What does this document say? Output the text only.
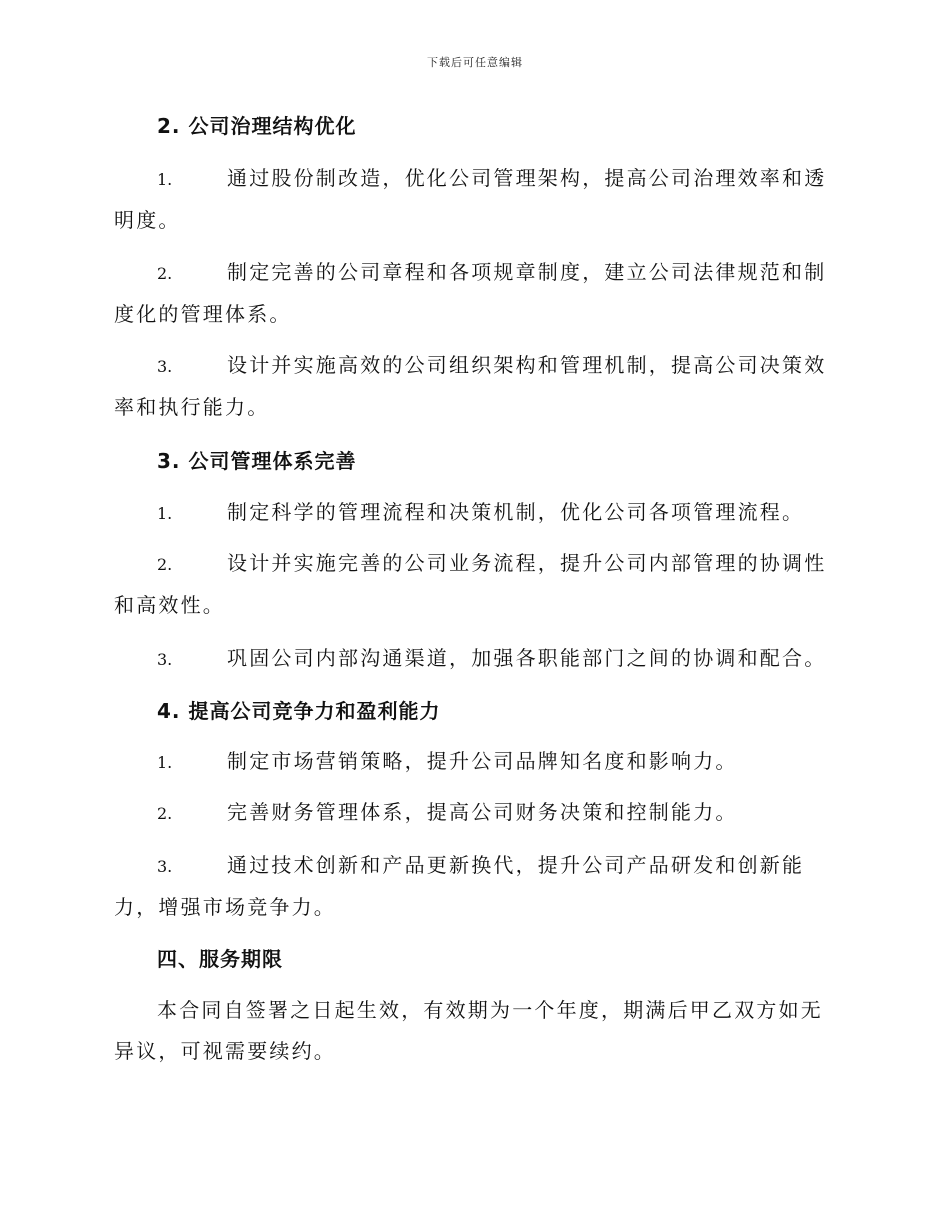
下载后可任意编辑
2. 公司治理结构优化
1.	通过股份制改造，优化公司管理架构，提高公司治理效率和透明度。
2.	制定完善的公司章程和各项规章制度，建立公司法律规范和制度化的管理体系。
3.	设计并实施高效的公司组织架构和管理机制，提高公司决策效率和执行能力。
3. 公司管理体系完善
1.	制定科学的管理流程和决策机制，优化公司各项管理流程。
2.	设计并实施完善的公司业务流程，提升公司内部管理的协调性和高效性。
3.	巩固公司内部沟通渠道，加强各职能部门之间的协调和配合。
4. 提高公司竞争力和盈利能力
1.	制定市场营销策略，提升公司品牌知名度和影响力。
2.	完善财务管理体系，提高公司财务决策和控制能力。
3.	通过技术创新和产品更新换代，提升公司产品研发和创新能力，增强市场竞争力。
四、服务期限
本合同自签署之日起生效，有效期为一个年度，期满后甲乙双方如无异议，可视需要续约。
